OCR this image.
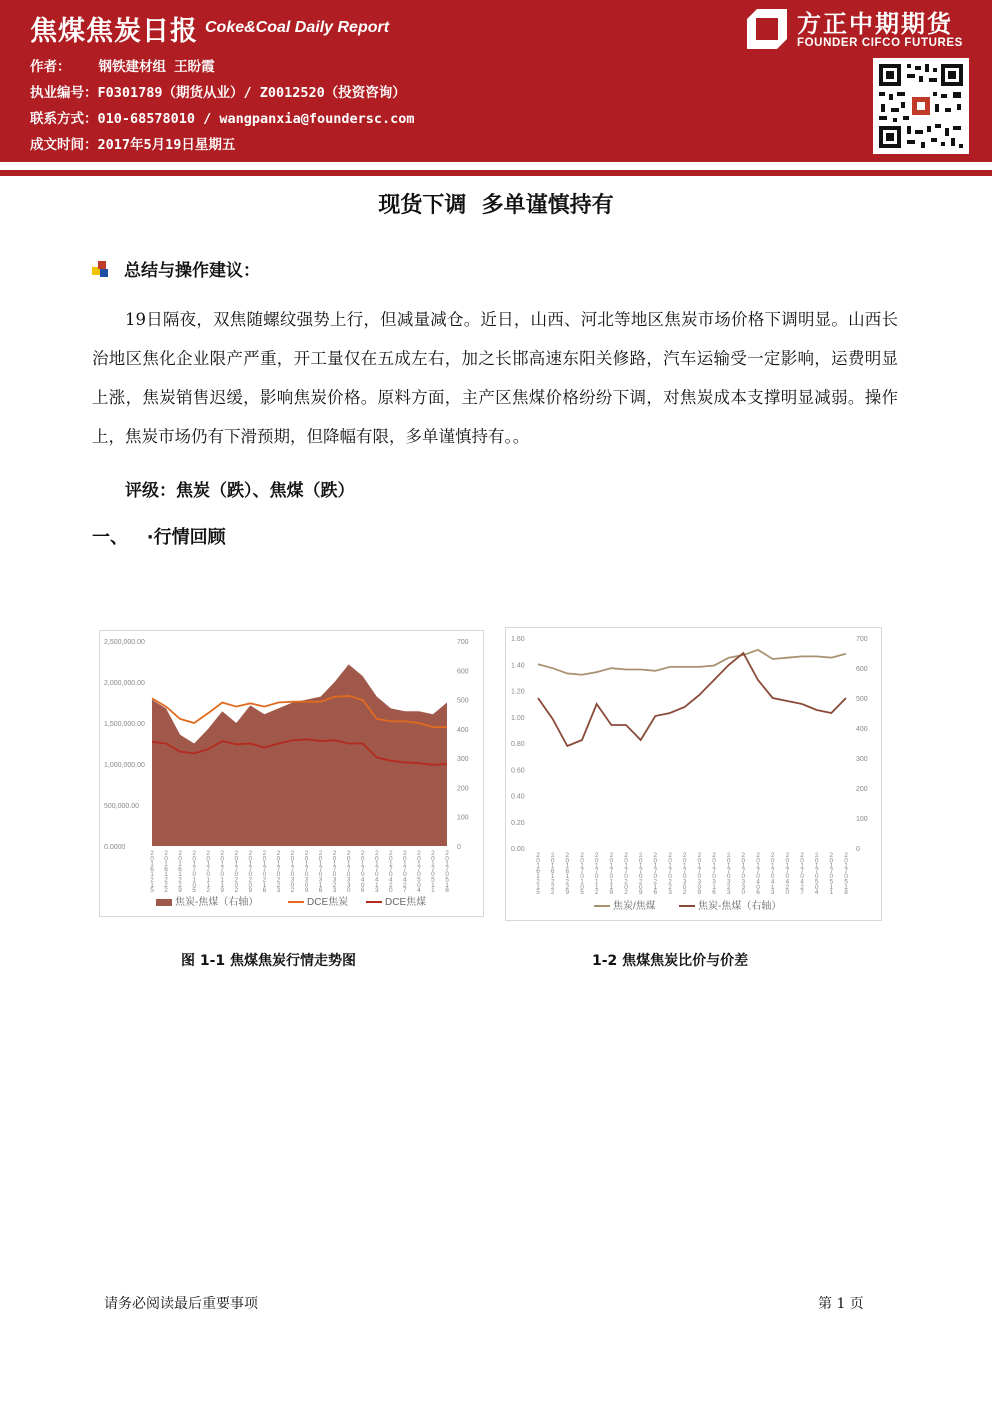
焦煤焦炭日报 Coke&Coal Daily Report
作者： 钢铁建材组 王盼霞
执业编号：F0301789（期货从业）/ Z0012520（投资咨询）
联系方式：010-68578010 / wangpanxia@foundersc.com
成文时间：2017年5月19日星期五
方正中期期货
FOUNDER CIFCO FUTURES
现货下调  多单谨慎持有
总结与操作建议：
19日隔夜，双焦随螺纹强势上行，但减量减仓。近日，山西、河北等地区焦炭市场价格下调明显。山西长治地区焦化企业限产严重，开工量仅在五成左右，加之长邯高速东阳关修路，汽车运输受一定影响，运费明显上涨，焦炭销售迟缓，影响焦炭价格。原料方面，主产区焦煤价格纷纷下调，对焦炭成本支撑明显减弱。操作上，焦炭市场仍有下滑预期，但降幅有限，多单谨慎持有。。
评级：焦炭（跌）、焦煤（跌）
一、   ·行情回顾
0.0000
500,000.00
1,000,000.00
1,500,000.00
2,000,000.00
2,500,000.00
0
100
200
300
400
500
600
700
2 0 1 6 1 2 1 5
2 0 1 6 1 2 2 2
2 0 1 6 1 2 2 9
2 0 1 7 0 1 0 5
2 0 1 7 0 1 1 2
2 0 1 7 0 1 1 9
2 0 1 7 0 2 0 2
2 0 1 7 0 2 0 9
2 0 1 7 0 2 1 6
2 0 1 7 0 2 2 3
2 0 1 7 0 3 0 2
2 0 1 7 0 3 0 9
2 0 1 7 0 3 1 6
2 0 1 7 0 3 2 3
2 0 1 7 0 3 3 0
2 0 1 7 0 4 0 6
2 0 1 7 0 4 1 3
2 0 1 7 0 4 2 0
2 0 1 7 0 4 2 7
2 0 1 7 0 5 0 4
2 0 1 7 0 5 1 1
2 0 1 7 0 5 1 8
焦炭-焦煤（右轴）	DCE焦炭	DCE焦煤
图 1-1 焦煤焦炭行情走势图
0.00
0.20
0.40
0.60
0.80
1.00
1.20
1.40
1.60
0
100
200
300
400
500
600
700
2 0 1 6 1 2 1 5
2 0 1 6 1 2 2 2
2 0 1 6 1 2 2 9
2 0 1 7 0 1 0 5
2 0 1 7 0 1 1 2
2 0 1 7 0 1 1 9
2 0 1 7 0 2 0 2
2 0 1 7 0 2 0 9
2 0 1 7 0 2 1 6
2 0 1 7 0 2 2 3
2 0 1 7 0 3 0 2
2 0 1 7 0 3 0 9
2 0 1 7 0 3 1 6
2 0 1 7 0 3 2 3
2 0 1 7 0 3 3 0
2 0 1 7 0 4 0 6
2 0 1 7 0 4 1 3
2 0 1 7 0 4 2 0
2 0 1 7 0 4 2 7
2 0 1 7 0 5 0 4
2 0 1 7 0 5 1 1
2 0 1 7 0 5 1 8
焦炭/焦煤	焦炭-焦煤（右轴）
1-2 焦煤焦炭比价与价差
请务必阅读最后重要事项	第 1 页
